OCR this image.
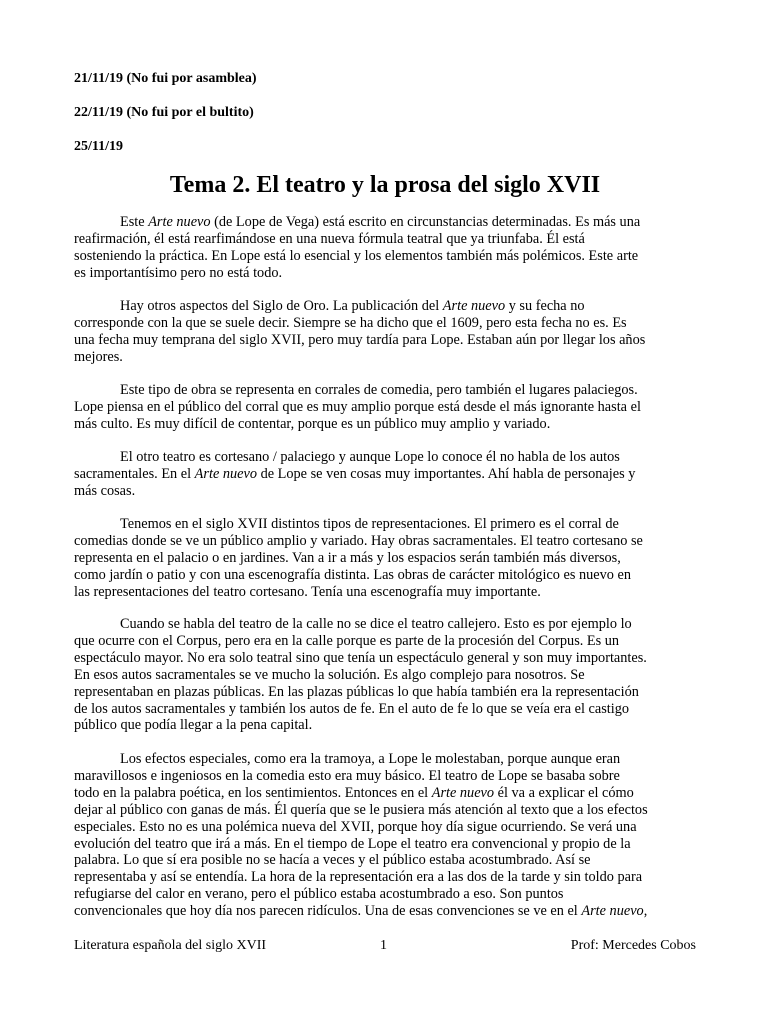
21/11/19 (No fui por asamblea)
22/11/19 (No fui por el bultito)
25/11/19
Tema 2. El teatro y la prosa del siglo XVII
Este Arte nuevo (de Lope de Vega) está escrito en circunstancias determinadas. Es más una
reafirmación, él está rearfimándose en una nueva fórmula teatral que ya triunfaba. Él está
sosteniendo la práctica. En Lope está lo esencial y los elementos también más polémicos. Este arte
es importantísimo pero no está todo.
Hay otros aspectos del Siglo de Oro. La publicación del Arte nuevo y su fecha no
corresponde con la que se suele decir. Siempre se ha dicho que el 1609, pero esta fecha no es. Es
una fecha muy temprana del siglo XVII, pero muy tardía para Lope. Estaban aún por llegar los años
mejores.
Este tipo de obra se representa en corrales de comedia, pero también el lugares palaciegos.
Lope piensa en el público del corral que es muy amplio porque está desde el más ignorante hasta el
más culto. Es muy difícil de contentar, porque es un público muy amplio y variado.
El otro teatro es cortesano / palaciego y aunque Lope lo conoce él no habla de los autos
sacramentales. En el Arte nuevo de Lope se ven cosas muy importantes. Ahí habla de personajes y
más cosas.
Tenemos en el siglo XVII distintos tipos de representaciones. El primero es el corral de
comedias donde se ve un público amplio y variado. Hay obras sacramentales. El teatro cortesano se
representa en el palacio o en jardines. Van a ir a más y los espacios serán también más diversos,
como jardín o patio y con una escenografía distinta. Las obras de carácter mitológico es nuevo en
las representaciones del teatro cortesano. Tenía una escenografía muy importante.
Cuando se habla del teatro de la calle no se dice el teatro callejero. Esto es por ejemplo lo
que ocurre con el Corpus, pero era en la calle porque es parte de la procesión del Corpus. Es un
espectáculo mayor. No era solo teatral sino que tenía un espectáculo general y son muy importantes.
En esos autos sacramentales se ve mucho la solución. Es algo complejo para nosotros. Se
representaban en plazas públicas. En las plazas públicas lo que había también era la representación
de los autos sacramentales y también los autos de fe. En el auto de fe lo que se veía era el castigo
público que podía llegar a la pena capital.
Los efectos especiales, como era la tramoya, a Lope le molestaban, porque aunque eran
maravillosos e ingeniosos en la comedia esto era muy básico. El teatro de Lope se basaba sobre
todo en la palabra poética, en los sentimientos. Entonces en el Arte nuevo él va a explicar el cómo
dejar al público con ganas de más. Él quería que se le pusiera más atención al texto que a los efectos
especiales. Esto no es una polémica nueva del XVII, porque hoy día sigue ocurriendo. Se verá una
evolución del teatro que irá a más. En el tiempo de Lope el teatro era convencional y propio de la
palabra. Lo que sí era posible no se hacía a veces y el público estaba acostumbrado. Así se
representaba y así se entendía. La hora de la representación era a las dos de la tarde y sin toldo para
refugiarse del calor en verano, pero el público estaba acostumbrado a eso. Son puntos
convencionales que hoy día nos parecen ridículos. Una de esas convenciones se ve en el Arte nuevo,
Literatura española del siglo XVII	1	Prof: Mercedes Cobos
